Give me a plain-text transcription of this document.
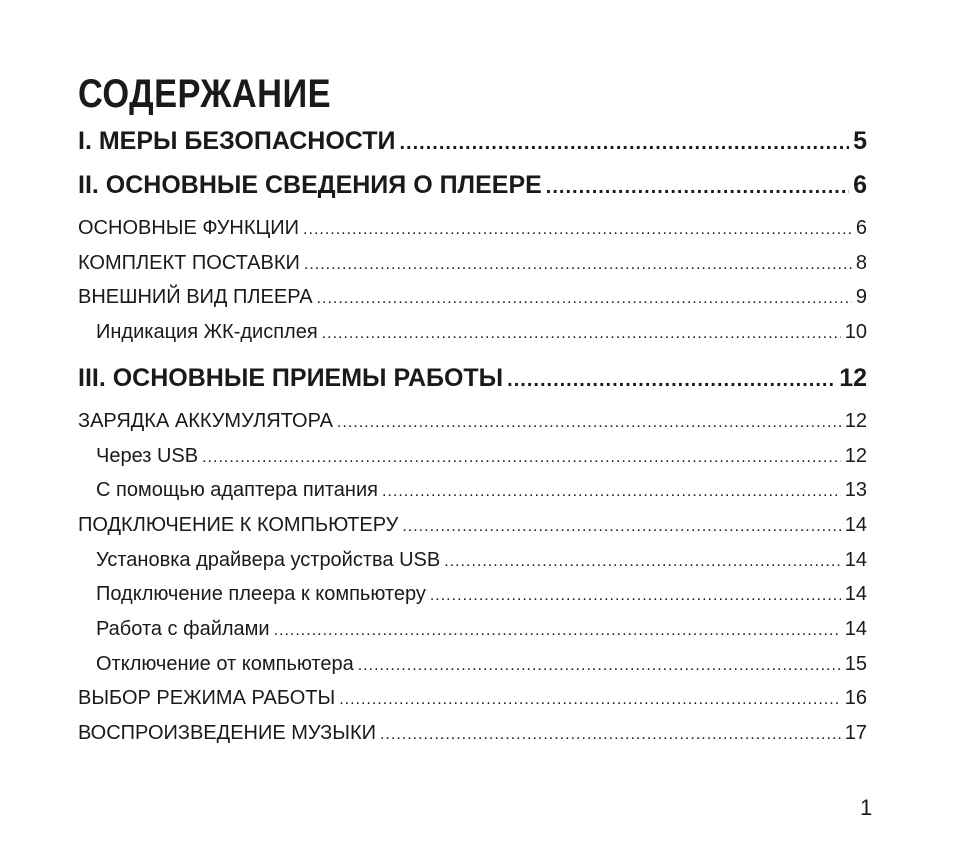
СОДЕРЖАНИЕ
I. МЕРЫ БЕЗОПАСНОСТИ .....	5
II. ОСНОВНЫЕ СВЕДЕНИЯ О ПЛЕЕРЕ .....	6
ОСНОВНЫЕ ФУНКЦИИ .....	6
КОМПЛЕКТ ПОСТАВКИ .....	8
ВНЕШНИЙ ВИД ПЛЕЕРА .....	9
Индикация ЖК-дисплея .....	10
III. ОСНОВНЫЕ ПРИЕМЫ РАБОТЫ .....	12
ЗАРЯДКА АККУМУЛЯТОРА .....	12
Через USB .....	12
С помощью адаптера питания .....	13
ПОДКЛЮЧЕНИЕ К КОМПЬЮТЕРУ .....	14
Установка драйвера устройства USB .....	14
Подключение плеера к компьютеру .....	14
Работа с файлами .....	14
Отключение от компьютера .....	15
ВЫБОР РЕЖИМА РАБОТЫ .....	16
ВОСПРОИЗВЕДЕНИЕ МУЗЫКИ .....	17
1
